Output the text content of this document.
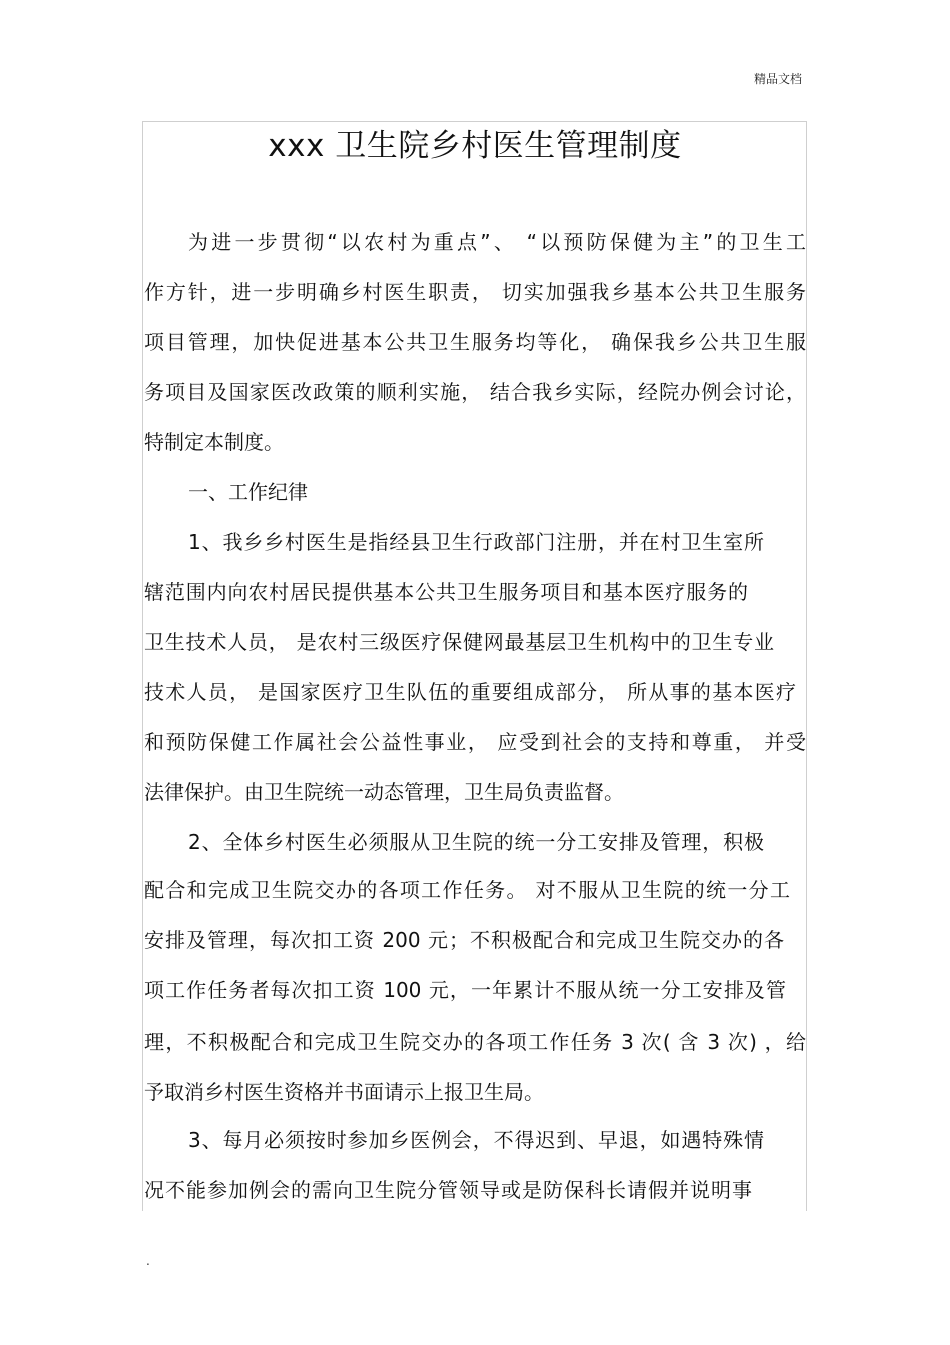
精品文档
xxx 卫生院乡村医生管理制度
为进一步贯彻“以农村为重点”、 “以预防保健为主”的卫生工
作方针，进一步明确乡村医生职责， 切实加强我乡基本公共卫生服务
项目管理，加快促进基本公共卫生服务均等化， 确保我乡公共卫生服
务项目及国家医改政策的顺利实施， 结合我乡实际，经院办例会讨论，
特制定本制度。
一、工作纪律
1、我乡乡村医生是指经县卫生行政部门注册，并在村卫生室所
辖范围内向农村居民提供基本公共卫生服务项目和基本医疗服务的
卫生技术人员， 是农村三级医疗保健网最基层卫生机构中的卫生专业
技术人员， 是国家医疗卫生队伍的重要组成部分， 所从事的基本医疗
和预防保健工作属社会公益性事业， 应受到社会的支持和尊重， 并受
法律保护。由卫生院统一动态管理，卫生局负责监督。
2、全体乡村医生必须服从卫生院的统一分工安排及管理，积极
配合和完成卫生院交办的各项工作任务。 对不服从卫生院的统一分工
安排及管理，每次扣工资 200 元；不积极配合和完成卫生院交办的各
项工作任务者每次扣工资 100 元，一年累计不服从统一分工安排及管
理，不积极配合和完成卫生院交办的各项工作任务 3 次( 含 3 次) ，给
予取消乡村医生资格并书面请示上报卫生局。
3、每月必须按时参加乡医例会，不得迟到、早退，如遇特殊情
况不能参加例会的需向卫生院分管领导或是防保科长请假并说明事
.
